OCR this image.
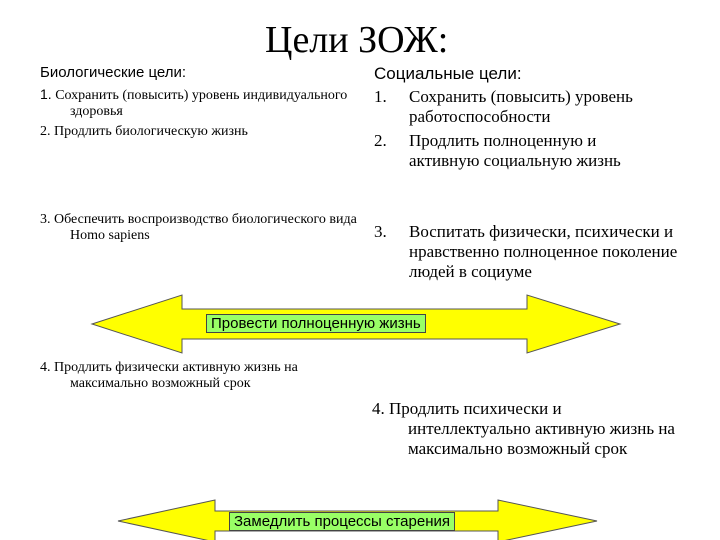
Цели ЗОЖ:
Биологические цели:	Социальные цели:
1. Сохранить (повысить) уровень индивидуального здоровья
2. Продлить биологическую жизнь
3. Обеспечить воспроизводство биологического вида Homo sapiens
4. Продлить физически активную жизнь на максимально возможный срок
1. Сохранить (повысить) уровень работоспособности
2. Продлить полноценную и активную социальную жизнь
3. Воспитать физически, психически и нравственно полноценное поколение людей в социуме
4. Продлить психически и интеллектуально активную жизнь на максимально возможный срок
Провести полноценную жизнь
Замедлить процессы старения
